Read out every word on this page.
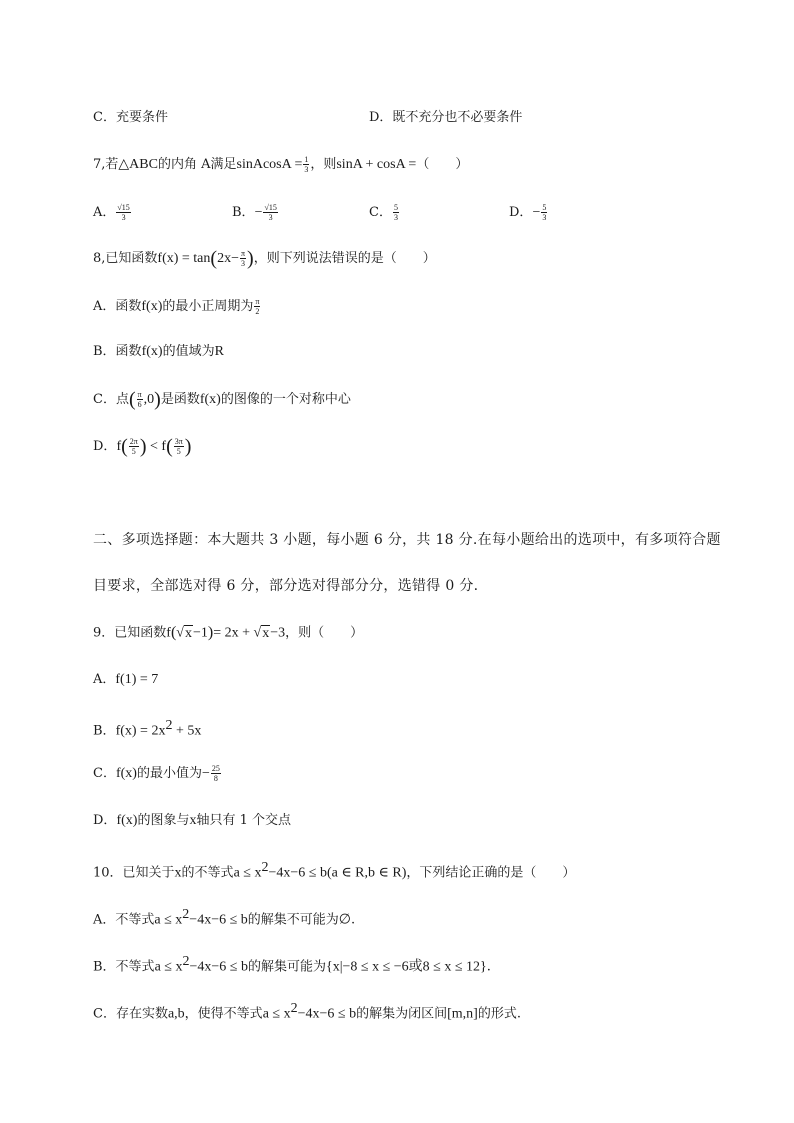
C．充要条件	D．既不充分也不必要条件
7,若△ABC的内角 A满足sinAcosA = $\frac{1}{3}$ ，则sinA + cosA =（　　）
A． $\frac{√15}{3}$	B．− $\frac{√15}{3}$	C． $\frac{5}{3}$	D．− $\frac{5}{3}$
8,已知函数$f(x) = \tan(2x- \frac{\pi}{3}$ )，则下列说法错误的是（　　）
A．函数f(x)的最小正周期为 $\frac{\pi}{2}$
B．函数f(x)的值域为R
C．点( $\frac{\pi}{6} ,0$)是函数f(x)的图像的一个对称中心
D．$f( \frac{2\pi}{5}$ ) < $f( \frac{3\pi}{5}$ )
二、多项选择题：本大题共 3 小题，每小题 6 分，共 18 分.在每小题给出的选项中，有多项符合题
目要求，全部选对得 6 分，部分选对得部分分，选错得 0 分.
9．已知函数f(√x−1)= 2x + √x−3，则（　　）
A．f(1) = 7
B．$f(x) = 2x^2 + 5x$
C．f(x)的最小值为− $\frac{25}{8}$
D．f(x)的图象与x轴只有 1 个交点
10．已知关于x的不等式$a \le x^2-4x-6 \le b(a$ ∈ R,b ∈ R)，下列结论正确的是（　　）
A．不等式$a \le x^2-4x-6 \le b$的解集不可能为∅.
B．不等式$a \le x^2-4x-6 \le b$的解集可能为{x|−8 ≤ x ≤ −6或8 ≤ x ≤ 12}.
C．存在实数a,b，使得不等式$a \le x^2-4x-6 \le b$的解集为闭区间[m,n]的形式.
